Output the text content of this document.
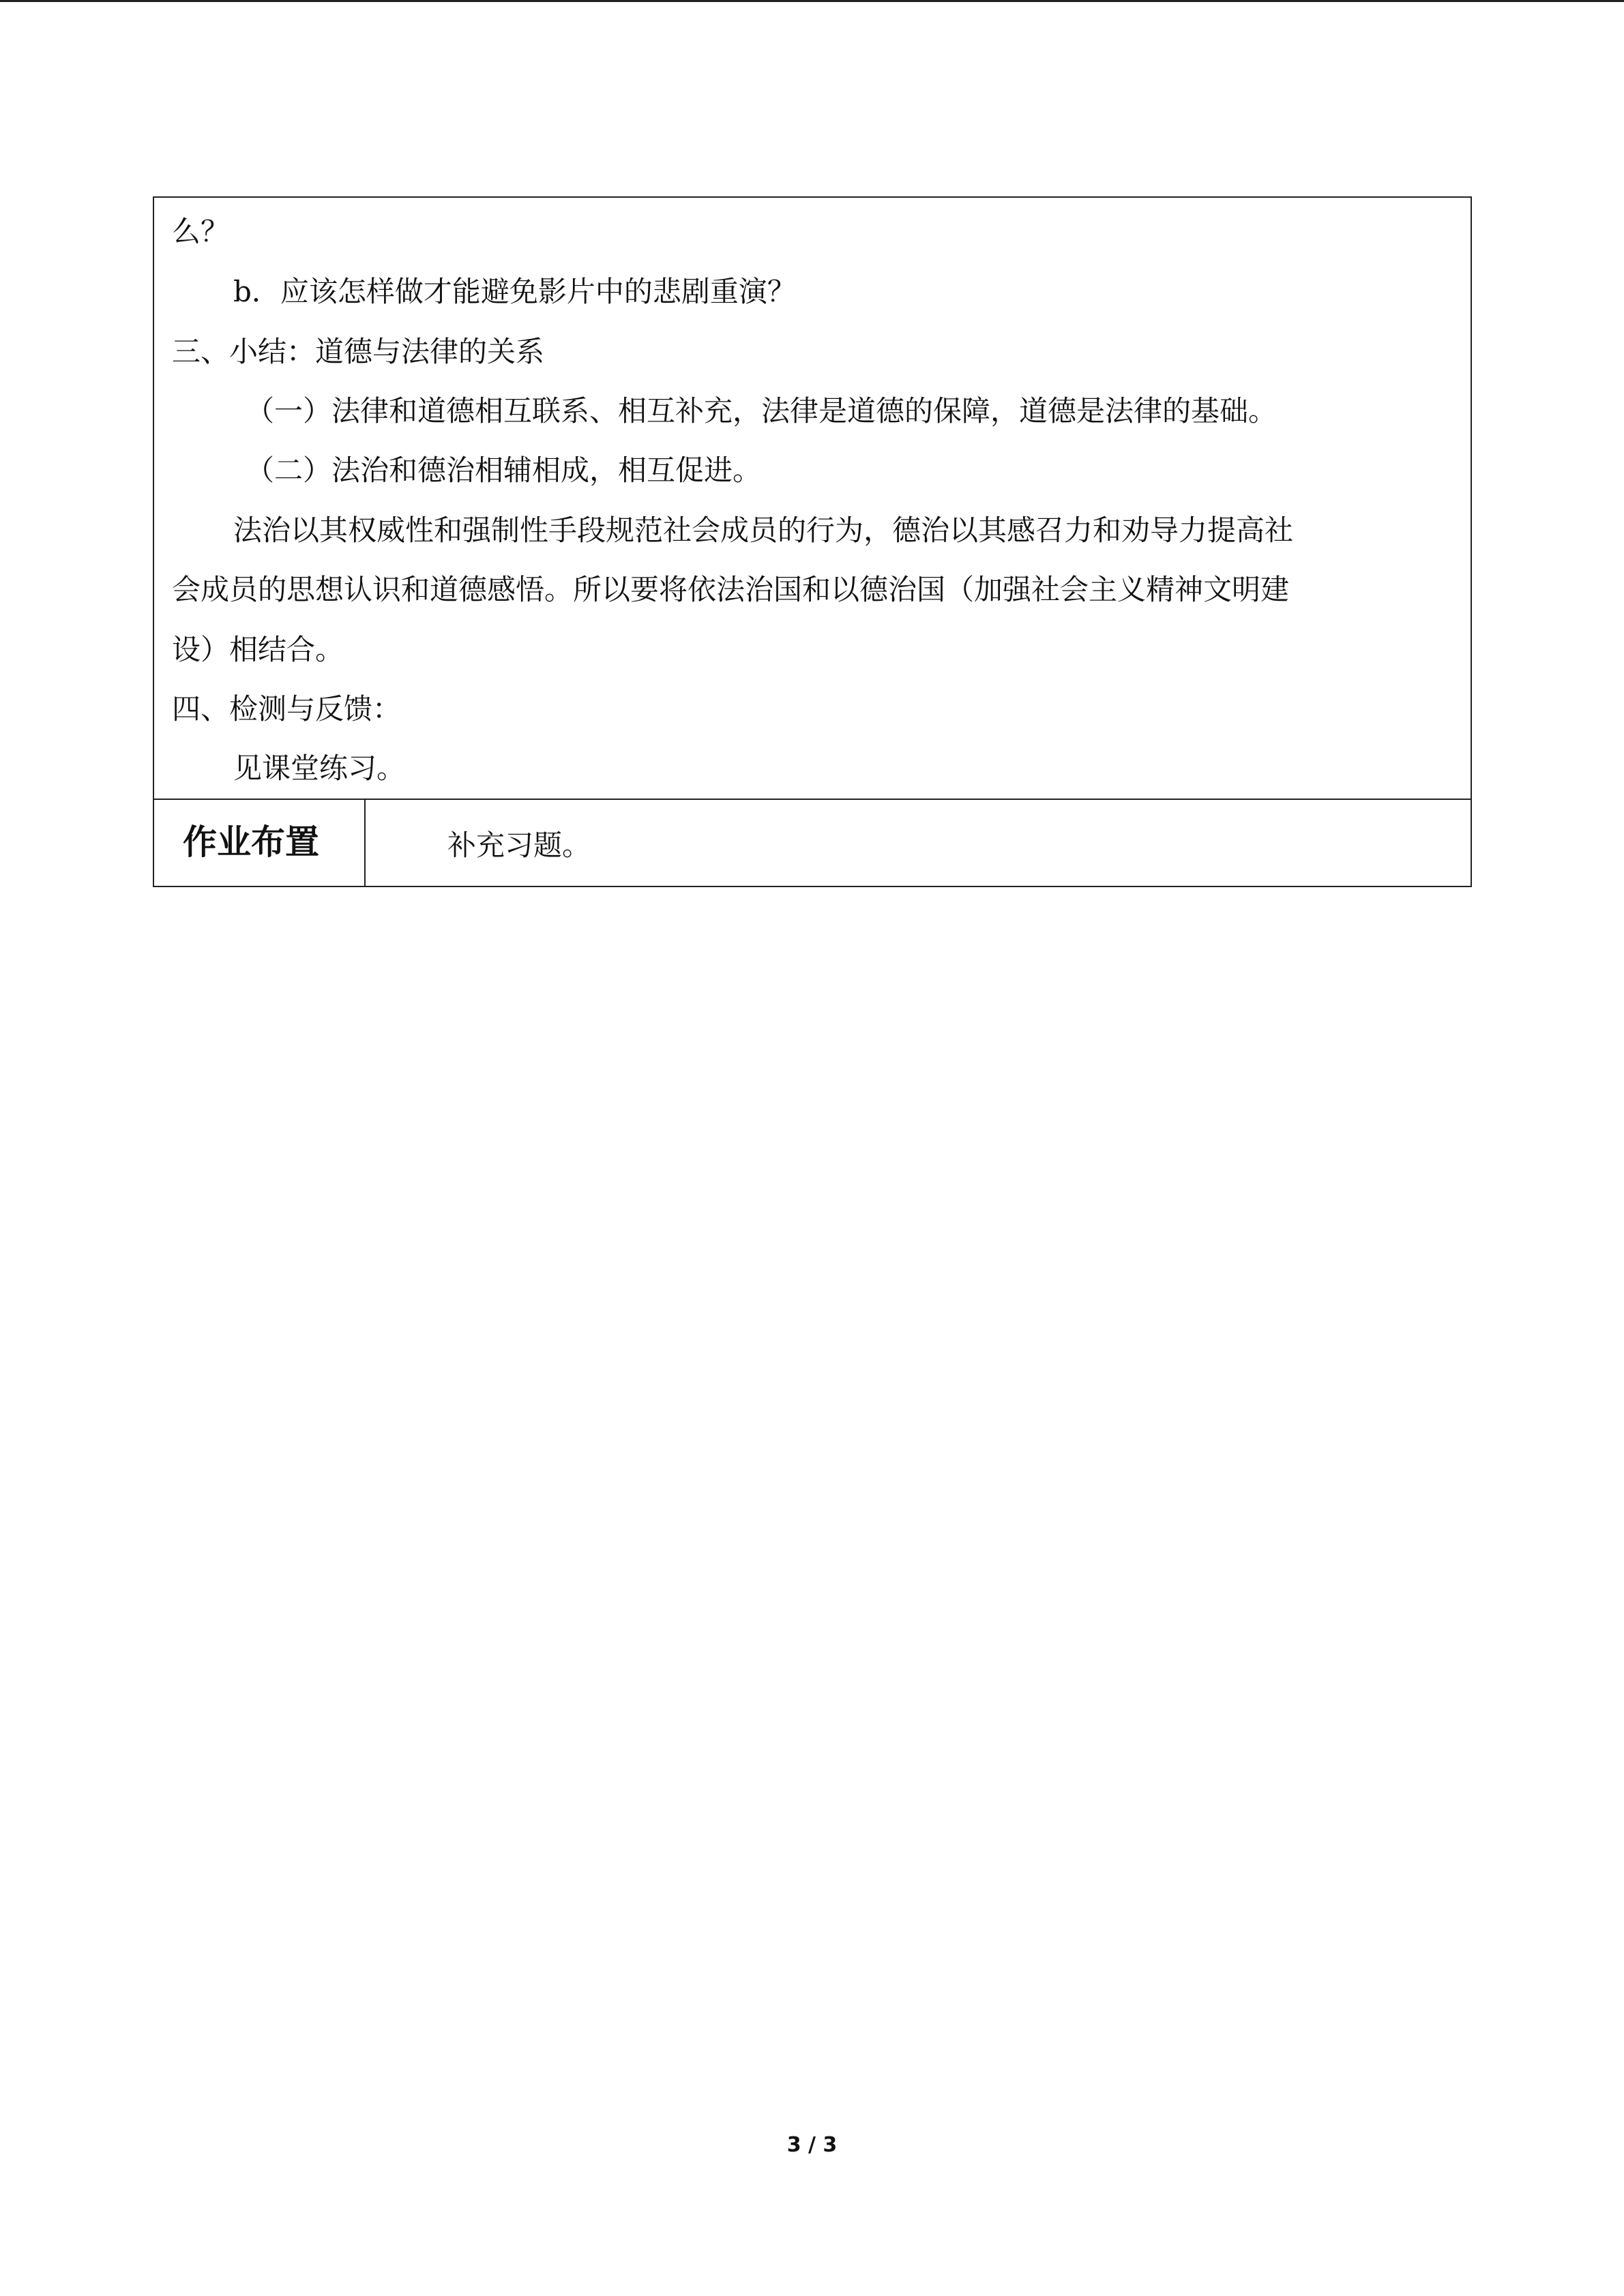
么？
b．应该怎样做才能避免影片中的悲剧重演？
三、小结：道德与法律的关系
（一）法律和道德相互联系、相互补充，法律是道德的保障，道德是法律的基础。
（二）法治和德治相辅相成，相互促进。
法治以其权威性和强制性手段规范社会成员的行为，德治以其感召力和劝导力提高社
会成员的思想认识和道德感悟。所以要将依法治国和以德治国（加强社会主义精神文明建
设）相结合。
四、检测与反馈：
见课堂练习。
作业布置	补充习题。
3 / 3
